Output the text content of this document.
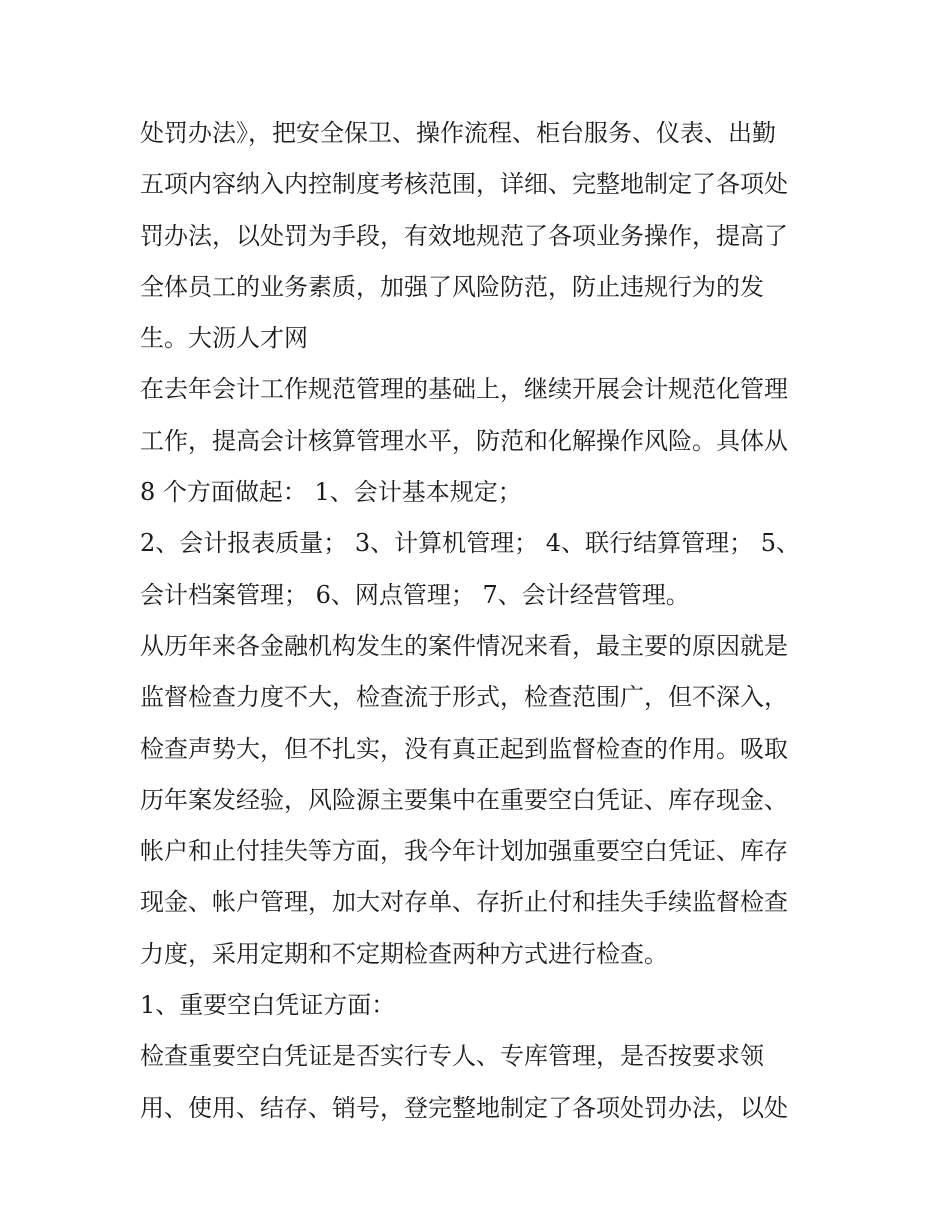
处罚办法》，把安全保卫、操作流程、柜台服务、仪表、出勤
五项内容纳入内控制度考核范围，详细、完整地制定了各项处
罚办法，以处罚为手段，有效地规范了各项业务操作，提高了
全体员工的业务素质，加强了风险防范，防止违规行为的发
生。大沥人才网
在去年会计工作规范管理的基础上，继续开展会计规范化管理
工作，提高会计核算管理水平，防范和化解操作风险。具体从
8 个方面做起： 1、会计基本规定；
2、会计报表质量； 3、计算机管理； 4、联行结算管理； 5、
会计档案管理； 6、网点管理； 7、会计经营管理。
从历年来各金融机构发生的案件情况来看，最主要的原因就是
监督检查力度不大，检查流于形式，检查范围广，但不深入，
检查声势大，但不扎实，没有真正起到监督检查的作用。吸取
历年案发经验，风险源主要集中在重要空白凭证、库存现金、
帐户和止付挂失等方面，我今年计划加强重要空白凭证、库存
现金、帐户管理，加大对存单、存折止付和挂失手续监督检查
力度，采用定期和不定期检查两种方式进行检查。
1、重要空白凭证方面：
检查重要空白凭证是否实行专人、专库管理，是否按要求领
用、使用、结存、销号，登完整地制定了各项处罚办法，以处
